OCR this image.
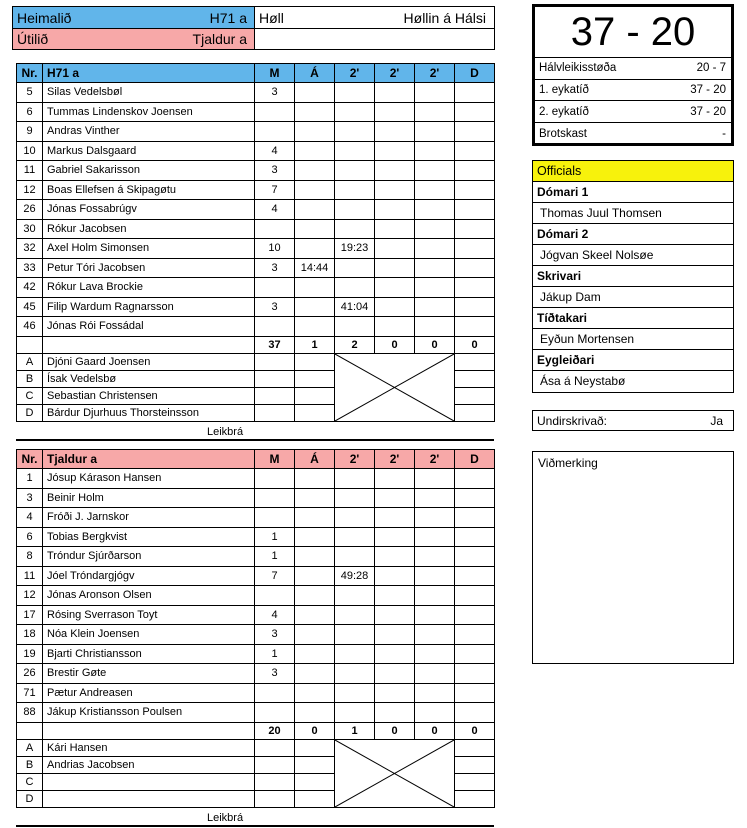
Heimalið	H71 a Høll	Høllin á Hálsi
Útilið	Tjaldur a
Nr.	H71 a	M	Á	2'	2'	2'	D
5	Silas Vedelsbøl	3					
6	Tummas Lindenskov Joensen						
9	Andras Vinther						
10	Markus Dalsgaard	4					
11	Gabriel Sakarisson	3					
12	Boas Ellefsen á Skipagøtu	7					
26	Jónas Fossabrúgv	4					
30	Rókur Jacobsen						
32	Axel Holm Simonsen	10		19:23			
33	Petur Tóri Jacobsen	3	14:44				
42	Rókur Lava Brockie						
45	Filip Wardum Ragnarsson	3		41:04			
46	Jónas Rói Fossádal						
		37	1	2	0	0	0
A	Djóni Gaard Joensen			

B	Ísak Vedelsbø						
C	Sebastian Christensen						
D	Bárdur Djurhuus Thorsteinsson						
Leikbrá
Nr.	Tjaldur a	M	Á	2'	2'	2'	D
1	Jósup Kárason Hansen						
3	Beinir Holm						
4	Fróði J. Jarnskor						
6	Tobias Bergkvist	1					
8	Tróndur Sjúrðarson	1					
11	Jóel Tróndargjógv	7		49:28			
12	Jónas Aronson Olsen						
17	Rósing Sverrason Toyt	4					
18	Nóa Klein Joensen	3					
19	Bjarti Christiansson	1					
26	Brestir Gøte	3					
71	Pætur Andreasen						
88	Jákup Kristiansson Poulsen						
		20	0	1	0	0	0
A	Kári Hansen			

B	Andrias Jacobsen						
C							
D							
Leikbrá
37 - 20
Hálvleikisstøða	20 - 7
1. eykatíð	37 - 20
2. eykatíð	37 - 20
Brotskast	-
Officials
Dómari 1
Thomas Juul Thomsen
Dómari 2
Jógvan Skeel Nolsøe
Skrivari
Jákup Dam
Tíðtakari
Eyðun Mortensen
Eygleiðari
Ása á Neystabø
Undirskrivað:	Ja
Viðmerking
